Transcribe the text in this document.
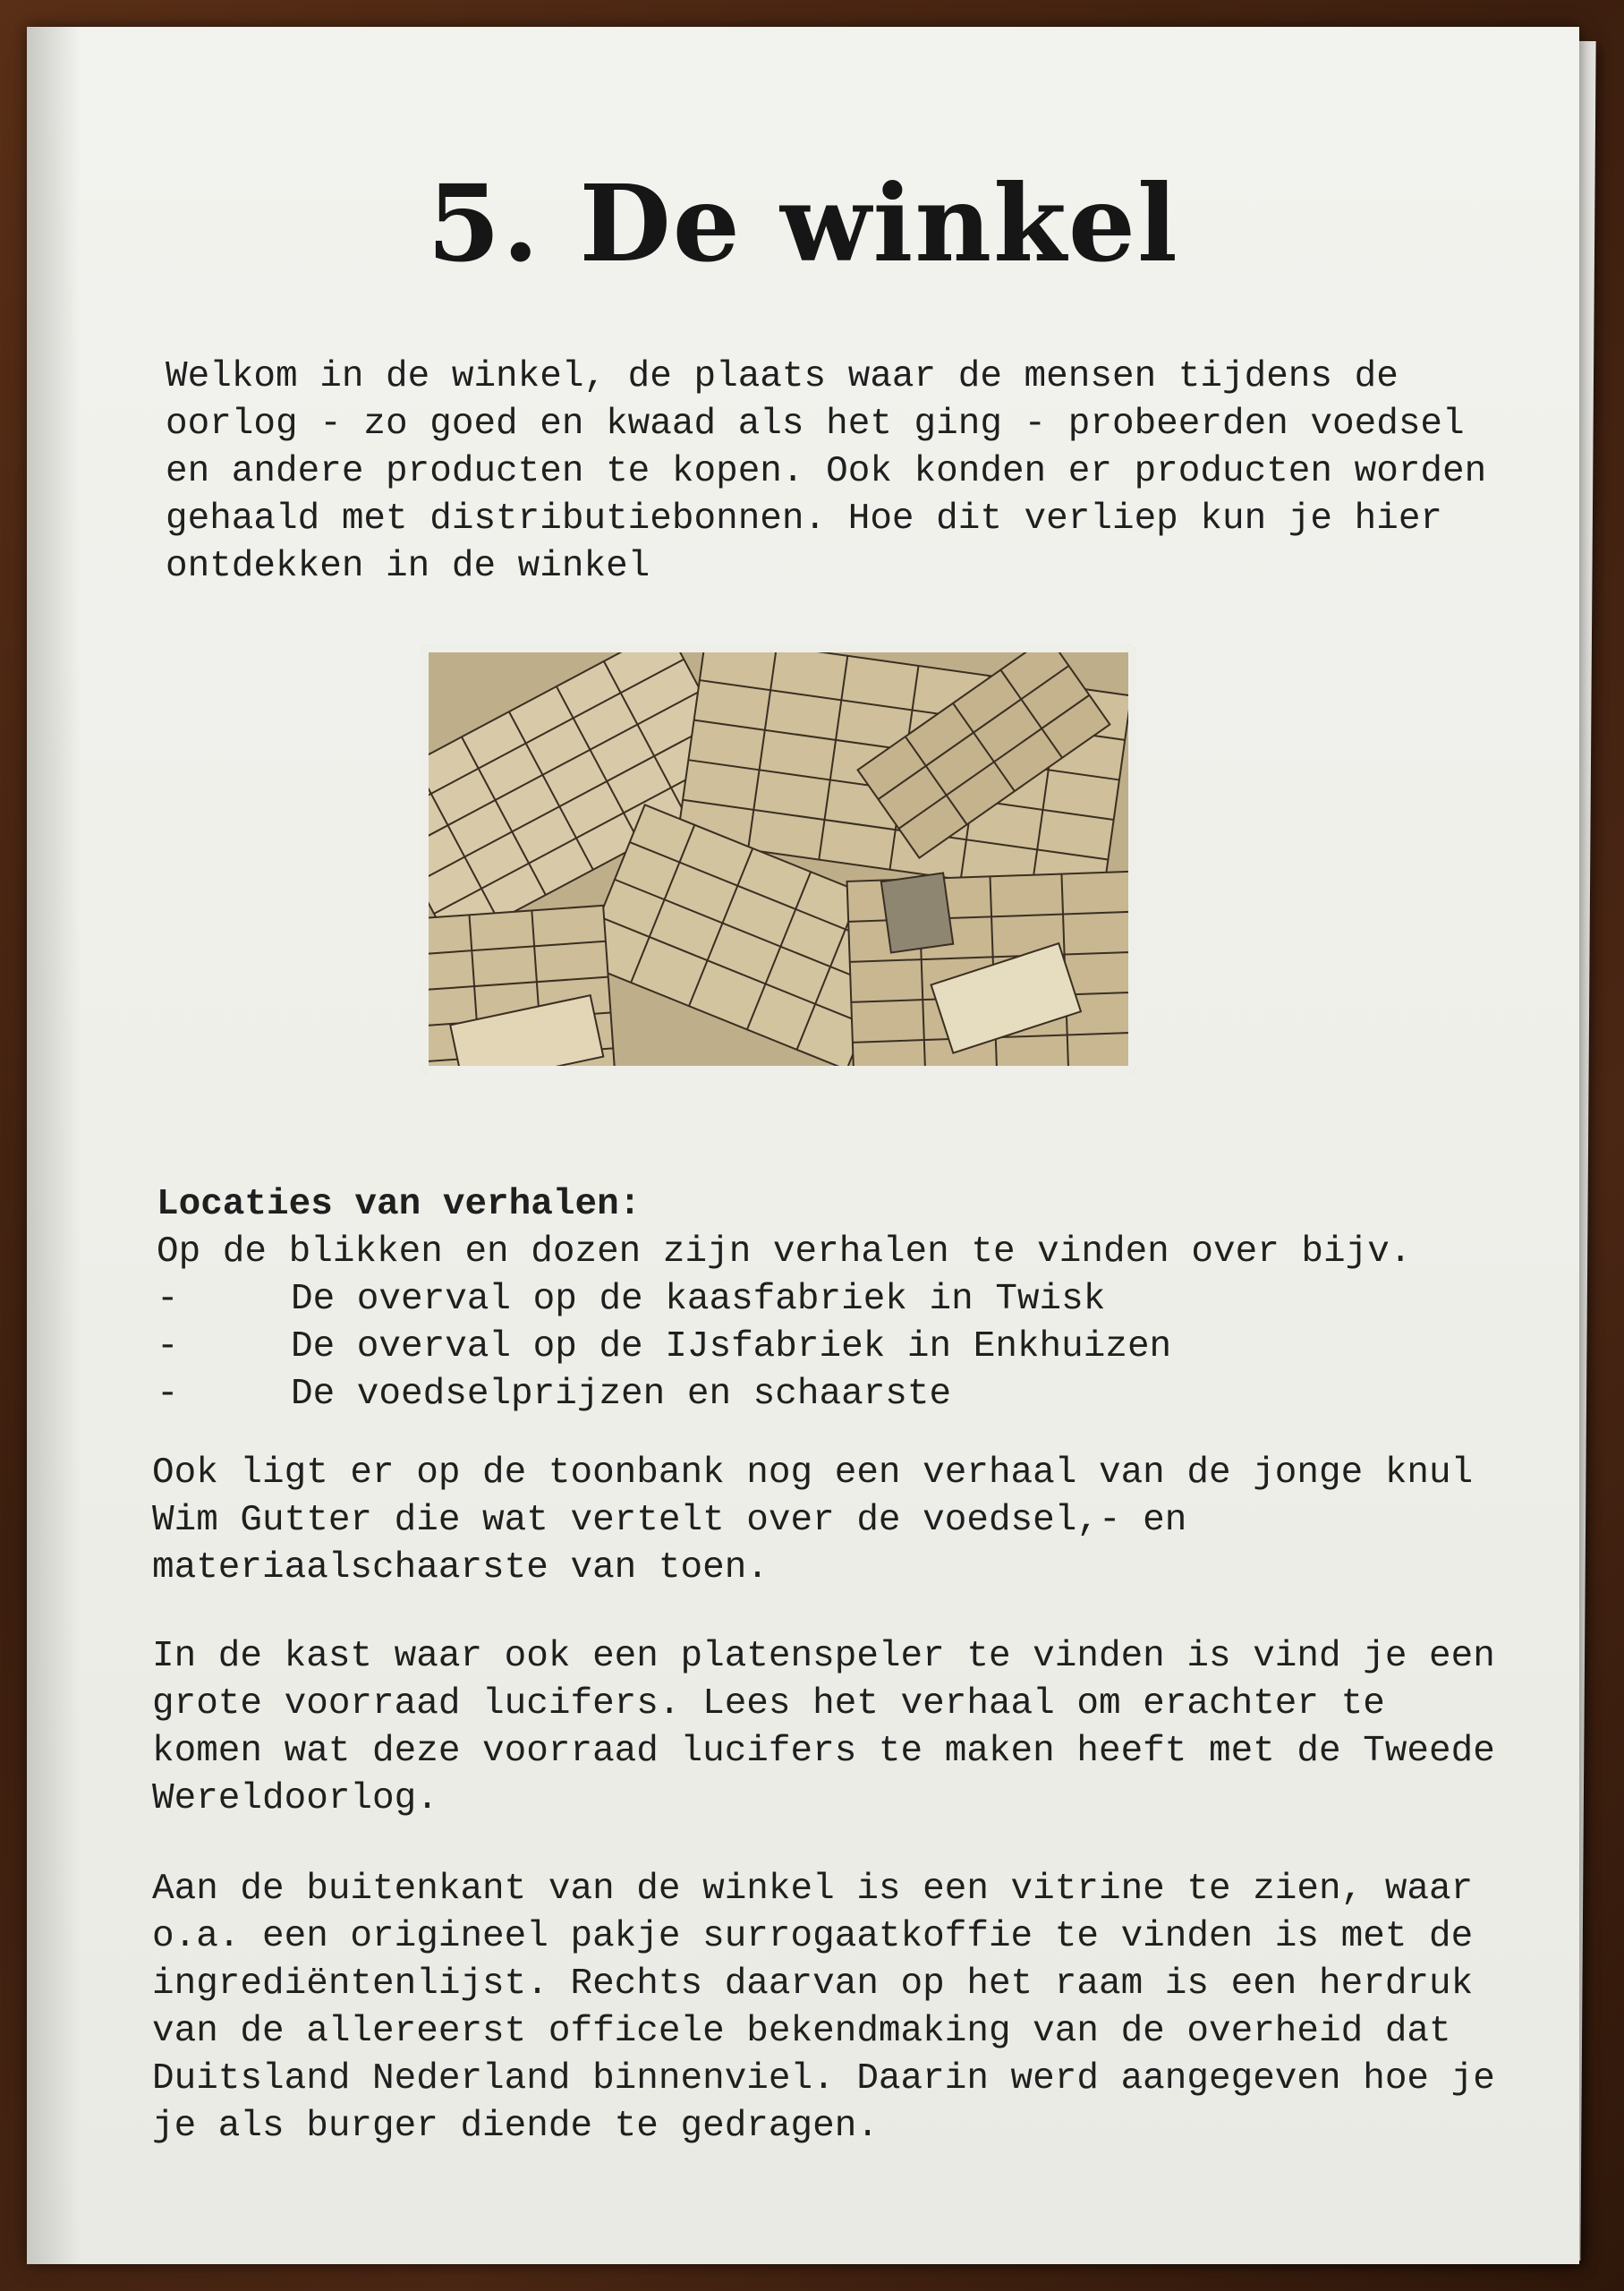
5. De winkel
Welkom in de winkel, de plaats waar de mensen tijdens de oorlog - zo goed en kwaad als het ging - probeerden voedsel en andere producten te kopen. Ook konden er producten worden gehaald met distributiebonnen. Hoe dit verliep kun je hier ontdekken in de winkel
Locaties van verhalen:
Op de blikken en dozen zijn verhalen te vinden over bijv.
-	De overval op de kaasfabriek in Twisk
-	De overval op de IJsfabriek in Enkhuizen
-	De voedselprijzen en schaarste
Ook ligt er op de toonbank nog een verhaal van de jonge knul Wim Gutter die wat vertelt over de voedsel,- en materiaalschaarste van toen.
In de kast waar ook een platenspeler te vinden is vind je een grote voorraad lucifers. Lees het verhaal om erachter te komen wat deze voorraad lucifers te maken heeft met de Tweede Wereldoorlog.
Aan de buitenkant van de winkel is een vitrine te zien, waar o.a. een origineel pakje surrogaatkoffie te vinden is met de ingrediëntenlijst. Rechts daarvan op het raam is een herdruk van de allereerst officele bekendmaking van de overheid dat Duitsland Nederland binnenviel. Daarin werd aangegeven hoe je je als burger diende te gedragen.
